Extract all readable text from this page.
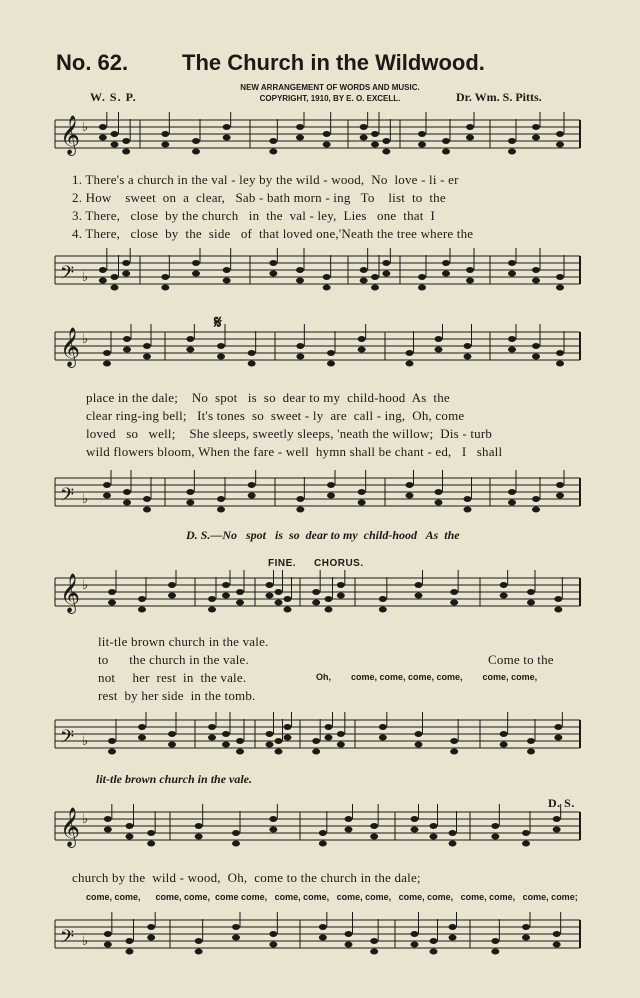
No. 62. The Church in the Wildwood.
W. S. P.
NEW ARRANGEMENT OF WORDS AND MUSIC.
COPYRIGHT, 1910, BY E. O. EXCELL.	Dr. Wm. S. Pitts.
𝄞 ♭
1. There's a church in the val - ley by the wild - wood,  No  love - li - er
2. How    sweet  on  a  clear,   Sab - bath morn - ing   To    list  to  the
3. There,   close  by the church   in  the  val - ley,  Lies   one  that  I
4. There,   close  by  the  side   of  that loved one,'Neath the tree where the
𝄢 ♭
𝄋
𝄞 ♭
place in the dale;    No  spot   is  so  dear to my  child-hood  As  the
clear ring-ing bell;   It's tones  so  sweet - ly  are  call - ing,  Oh, come
loved   so   well;    She sleeps, sweetly sleeps, 'neath the willow;  Dis - turb
wild flowers bloom, When the fare - well  hymn shall be chant - ed,   I   shall
𝄢 ♭
D. S.—No   spot   is  so  dear to my  child-hood   As  the
FINE. CHORUS.
𝄞 ♭
lit-tle brown church in the vale.
to      the church in the vale.	Come to the
not     her  rest  in  the vale.	Oh,        come, come, come, come,        come, come,
rest  by her side  in the tomb.
𝄢 ♭
lit-tle brown church in the vale.
D. S.
𝄞 ♭
church by the  wild - wood,  Oh,  come to the church in the dale;
come, come,      come, come,  come come,   come, come,   come, come,   come, come,   come, come,   come, come;
𝄢 ♭
